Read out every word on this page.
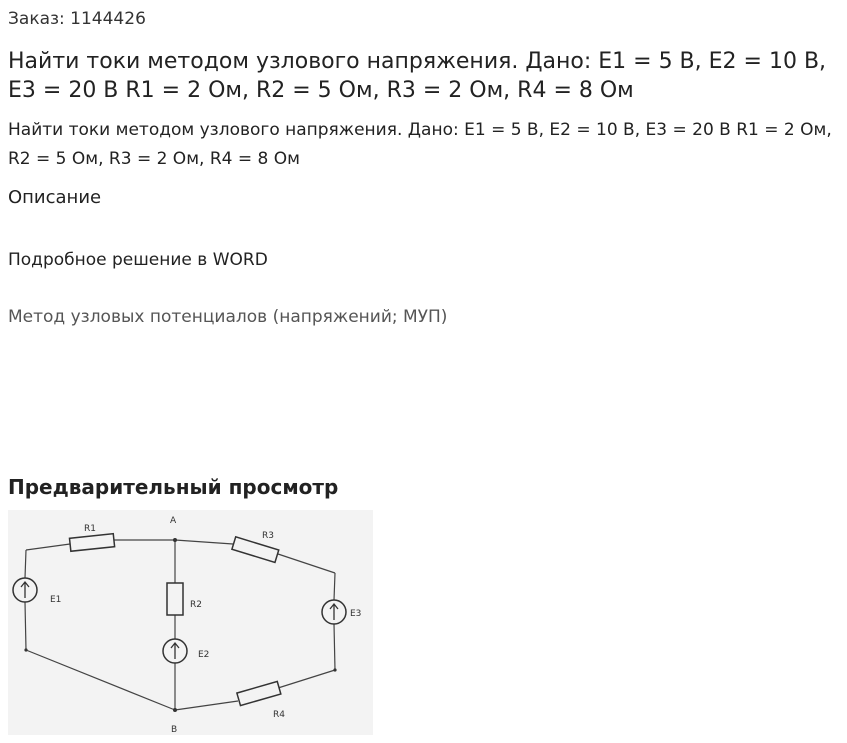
Заказ: 1144426
Найти токи методом узлового напряжения. Дано: E1 = 5 B, E2 = 10 B, E3 = 20 B R1 = 2 Ом, R2 = 5 Ом, R3 = 2 Ом, R4 = 8 Ом
Найти токи методом узлового напряжения. Дано: E1 = 5 B, E2 = 10 B, E3 = 20 B R1 = 2 Ом, R2 = 5 Ом, R3 = 2 Ом, R4 = 8 Ом
Описание
Подробное решение в WORD
Метод узловых потенциалов (напряжений; МУП)
Предварительный просмотр
R1
R3
R2
R4
E1
E2
E3
A
B
